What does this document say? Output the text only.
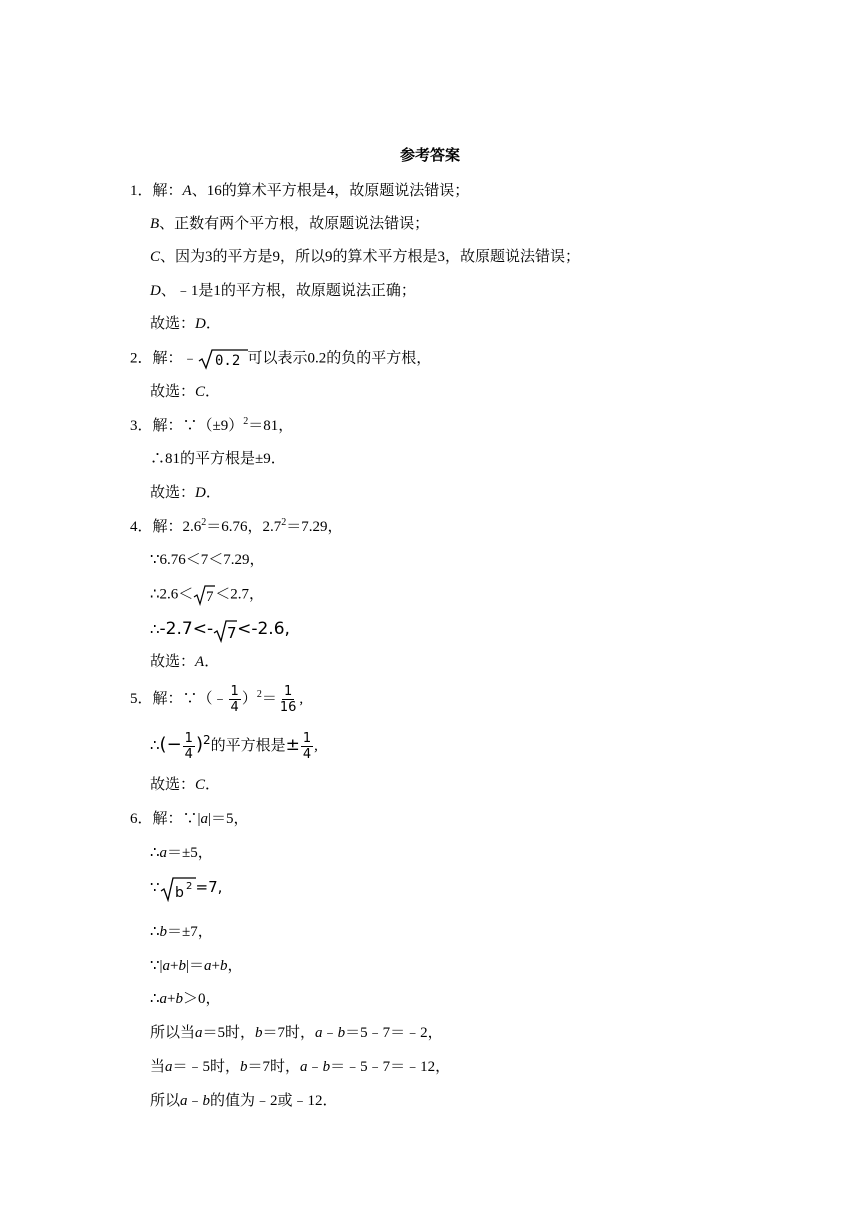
参考答案
1．解：A、16的算术平方根是4，故原题说法错误；
B、正数有两个平方根，故原题说法错误；
C、因为3的平方是9，所以9的算术平方根是3，故原题说法错误；
D、﹣1是1的平方根，故原题说法正确；
故选：D．
2．解：﹣ 0.2 可以表示0.2的负的平方根，
故选：C．
3．解：$\because(\pm 9)^2=81$，
∴81的平方根是±9．
故选：D．
4．解：$2.6^2=6.76$，$2.7^2=7.29$，
∵6.76＜7＜7.29，
∴2.6＜ 7 ＜2.7，
∴-2.7<- 7 <-2.6,
故选：A．
5．解：∵（﹣ $\frac{1}{4} )^2= \frac{1}{16}$ ,
∴(− $\frac{1}{4} )^2$的平方根是± $\frac{1}{4}$ ,
故选：C．
6．解：∵|a|＝5，
∴a＝±5，
∵ b 2 =7,
∴b＝±7，
∵|a+b|＝a+b，
∴a+b＞0，
所以当a＝5时，b＝7时，a﹣b＝5﹣7＝﹣2，
当a＝﹣5时，b＝7时，a﹣b＝﹣5﹣7＝﹣12，
所以a﹣b的值为﹣2或﹣12．
